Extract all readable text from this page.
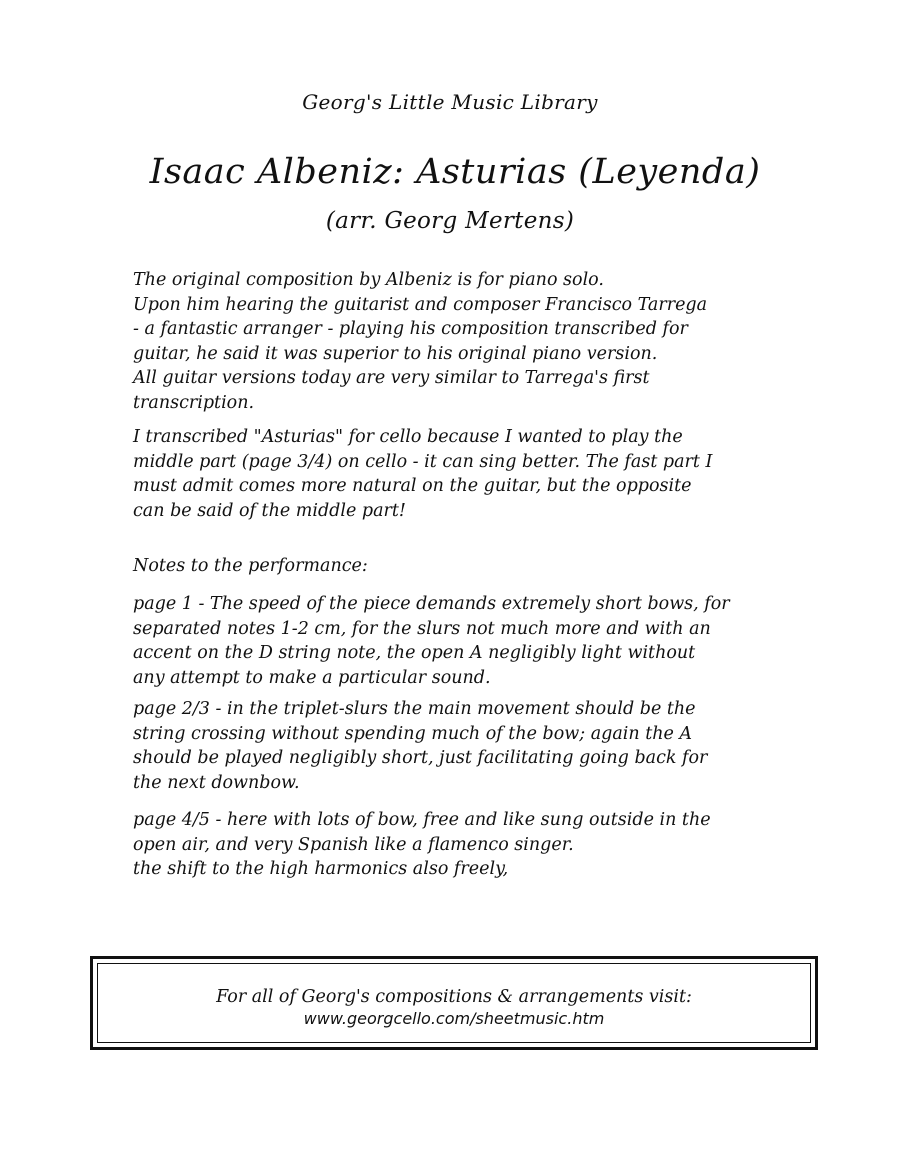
Georg's Little Music Library
Isaac Albeniz: Asturias (Leyenda)
(arr. Georg Mertens)

The original composition by Albeniz is for piano solo.
Upon him hearing the guitarist and composer Francisco Tarrega
- a fantastic arranger - playing his composition transcribed for
guitar, he said it was superior to his original piano version.
All guitar versions today are very similar to Tarrega's first
transcription.

I transcribed "Asturias" for cello because I wanted to play the
middle part (page 3/4) on cello - it can sing better. The fast part I
must admit comes more natural on the guitar, but the opposite
can be said of the middle part!

Notes to the performance:

page 1 - The speed of the piece demands extremely short bows, for
separated notes 1-2 cm, for the slurs not much more and with an
accent on the D string note, the open A negligibly light without
any attempt to make a particular sound.

page 2/3 - in the triplet-slurs the main movement should be the
string crossing without spending much of the bow; again the A
should be played negligibly short, just facilitating going back for
the next downbow.

page 4/5 - here with lots of bow, free and like sung outside in the
open air, and very Spanish like a flamenco singer.
the shift to the high harmonics also freely,

For all of Georg's compositions & arrangements visit:
www.georgcello.com/sheetmusic.htm
